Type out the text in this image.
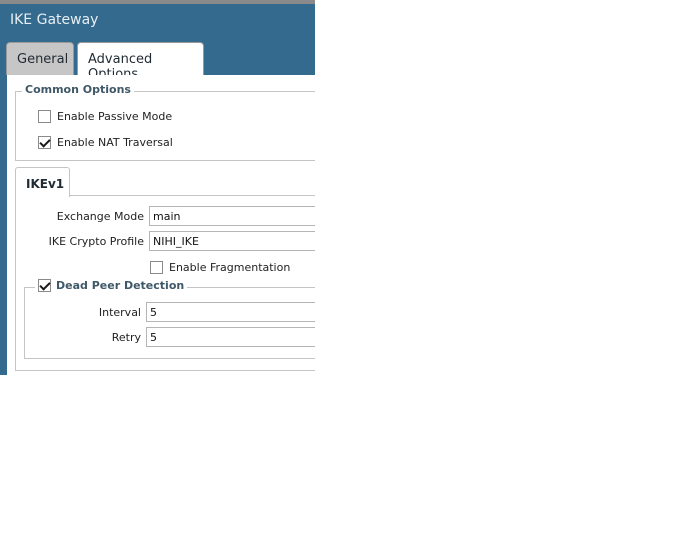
IKE Gateway
General	Advanced
Common Options
Enable Passive Mode
Enable NAT Traversal
IKEv1
Exchange Mode main
IKE Crypto Profile NIHI_IKE
Enable Fragmentation
Dead Peer Detection
Interval 5
Retry 5
